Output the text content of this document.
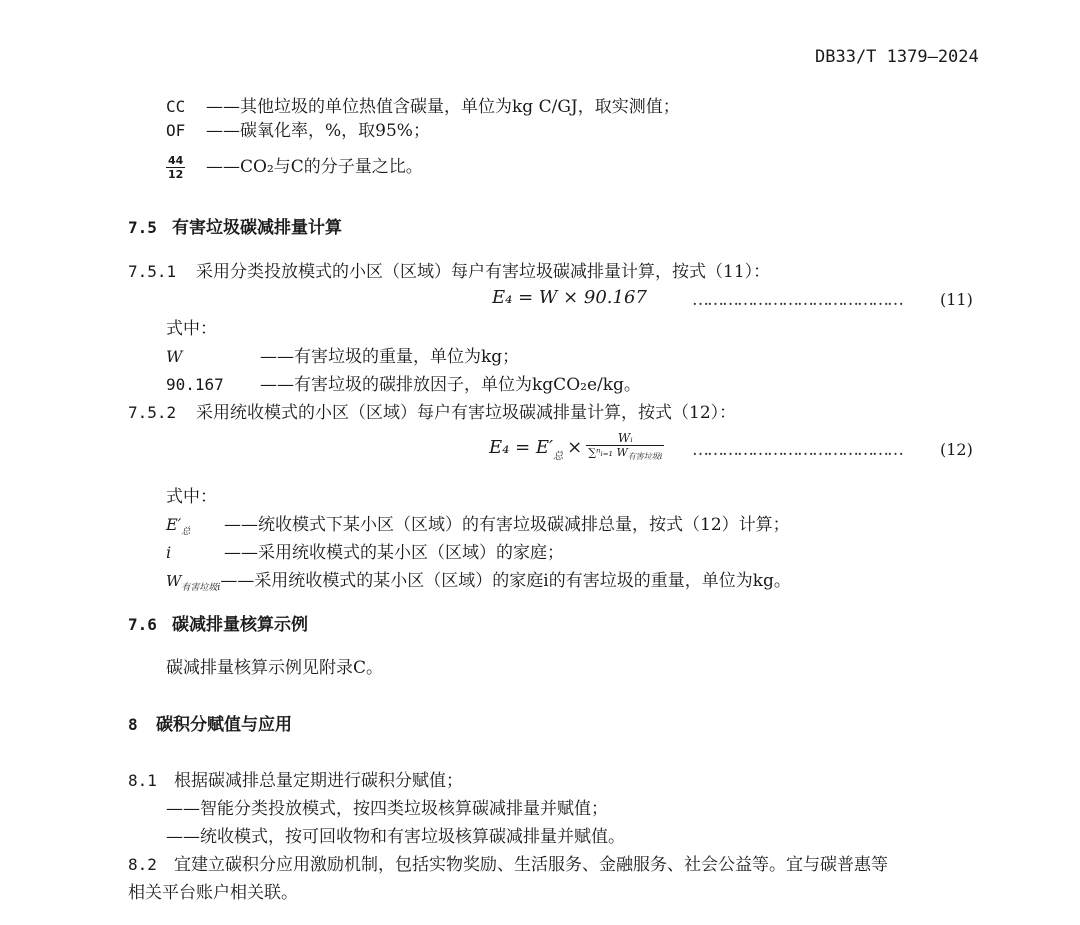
DB33/T 1379—2024
CC ——其他垃圾的单位热值含碳量，单位为kg C/GJ，取实测值；
OF ——碳氧化率，%，取95%；
44
12 ——CO₂与C的分子量之比。
7.5 有害垃圾碳减排量计算
7.5.1 采用分类投放模式的小区（区域）每户有害垃圾碳减排量计算，按式（11）：
E₄ = W × 90.167	…………………………………… (11)
式中：
W	——有害垃圾的重量，单位为kg；
90.167 ——有害垃圾的碳排放因子，单位为kgCO₂e/kg。
7.5.2 采用统收模式的小区（区域）每户有害垃圾碳减排量计算，按式（12）：
$E_4 = E'_总 \times \frac{\text{Wᵢ}}{\sum^nᵢ_{=1} W_{有害垃圾i}}$ …………………………………… (12)
式中：
$E'_总$ ——统收模式下某小区（区域）的有害垃圾碳减排总量，按式（12）计算；
i	——采用统收模式的某小区（区域）的家庭；
$W_{有害垃圾i}——$采用统收模式的某小区（区域）的家庭i的有害垃圾的重量，单位为kg。
7.6 碳减排量核算示例
碳减排量核算示例见附录C。
8 碳积分赋值与应用
8.1 根据碳减排总量定期进行碳积分赋值；
——智能分类投放模式，按四类垃圾核算碳减排量并赋值；
——统收模式，按可回收物和有害垃圾核算碳减排量并赋值。
8.2 宜建立碳积分应用激励机制，包括实物奖励、生活服务、金融服务、社会公益等。宜与碳普惠等
相关平台账户相关联。
